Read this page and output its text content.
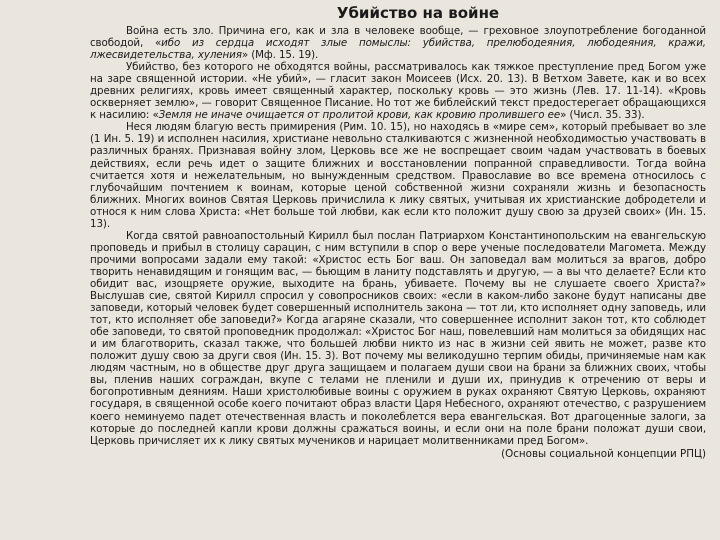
Убийство на войне

Война есть зло. Причина его, как и зла в человеке вообще, — греховное злоупотребление богоданной свободой, «ибо из сердца исходят злые помыслы: убийства, прелюбодеяния, любодеяния, кражи, лжесвидетельства, хуления» (Мф. 15. 19).

Убийство, без которого не обходятся войны, рассматривалось как тяжкое преступление пред Богом уже на заре священной истории. «Не убий», — гласит закон Моисеев (Исх. 20. 13). В Ветхом Завете, как и во всех древних религиях, кровь имеет священный характер, поскольку кровь — это жизнь (Лев. 17. 11-14). «Кровь оскверняет землю», — говорит Священное Писание. Но тот же библейский текст предостерегает обращающихся к насилию: «Земля не иначе очищается от пролитой крови, как кровию пролившего ее» (Числ. 35. 33).

Неся людям благую весть примирения (Рим. 10. 15), но находясь в «мире сем», который пребывает во зле (1 Ин. 5. 19) и исполнен насилия, христиане невольно сталкиваются с жизненной необходимостью участвовать в различных бранях. Признавая войну злом, Церковь все же не воспрещает своим чадам участвовать в боевых действиях, если речь идет о защите ближних и восстановлении попранной справедливости. Тогда война считается хотя и нежелательным, но вынужденным средством. Православие во все времена относилось с глубочайшим почтением к воинам, которые ценой собственной жизни сохраняли жизнь и безопасность ближних. Многих воинов Святая Церковь причислила к лику святых, учитывая их христианские добродетели и относя к ним слова Христа: «Нет больше той любви, как если кто положит душу свою за друзей своих» (Ин. 15. 13).

Когда святой равноапостольный Кирилл был послан Патриархом Константинопольским на евангельскую проповедь и прибыл в столицу сарацин, с ним вступили в спор о вере ученые последователи Магомета. Между прочими вопросами задали ему такой: «Христос есть Бог ваш. Он заповедал вам молиться за врагов, добро творить ненавидящим и гонящим вас, — бьющим в ланиту подставлять и другую, — а вы что делаете? Если кто обидит вас, изощряете оружие, выходите на брань, убиваете. Почему вы не слушаете своего Христа?» Выслушав сие, святой Кирилл спросил у совопросников своих: «если в каком-либо законе будут написаны две заповеди, который человек будет совершенный исполнитель закона — тот ли, кто исполняет одну заповедь, или тот, кто исполняет обе заповеди?» Когда агаряне сказали, что совершеннее исполнит закон тот, кто соблюдет обе заповеди, то святой проповедник продолжал: «Христос Бог наш, повелевший нам молиться за обидящих нас и им благотворить, сказал также, что большей любви никто из нас в жизни сей явить не может, разве кто положит душу свою за други своя (Ин. 15. 3). Вот почему мы великодушно терпим обиды, причиняемые нам как людям частным, но в обществе друг друга защищаем и полагаем души свои на брани за ближних своих, чтобы вы, пленив наших сограждан, вкупе с телами не пленили и души их, принудив к отречению от веры и богопротивным деяниям. Наши христолюбивые воины с оружием в руках охраняют Святую Церковь, охраняют государя, в священной особе коего почитают образ власти Царя Небесного, охраняют отечество, с разрушением коего неминуемо падет отечественная власть и поколеблется вера евангельская. Вот драгоценные залоги, за которые до последней капли крови должны сражаться воины, и если они на поле брани положат души свои, Церковь причисляет их к лику святых мучеников и нарицает молитвенниками пред Богом».

(Основы социальной концепции РПЦ)
